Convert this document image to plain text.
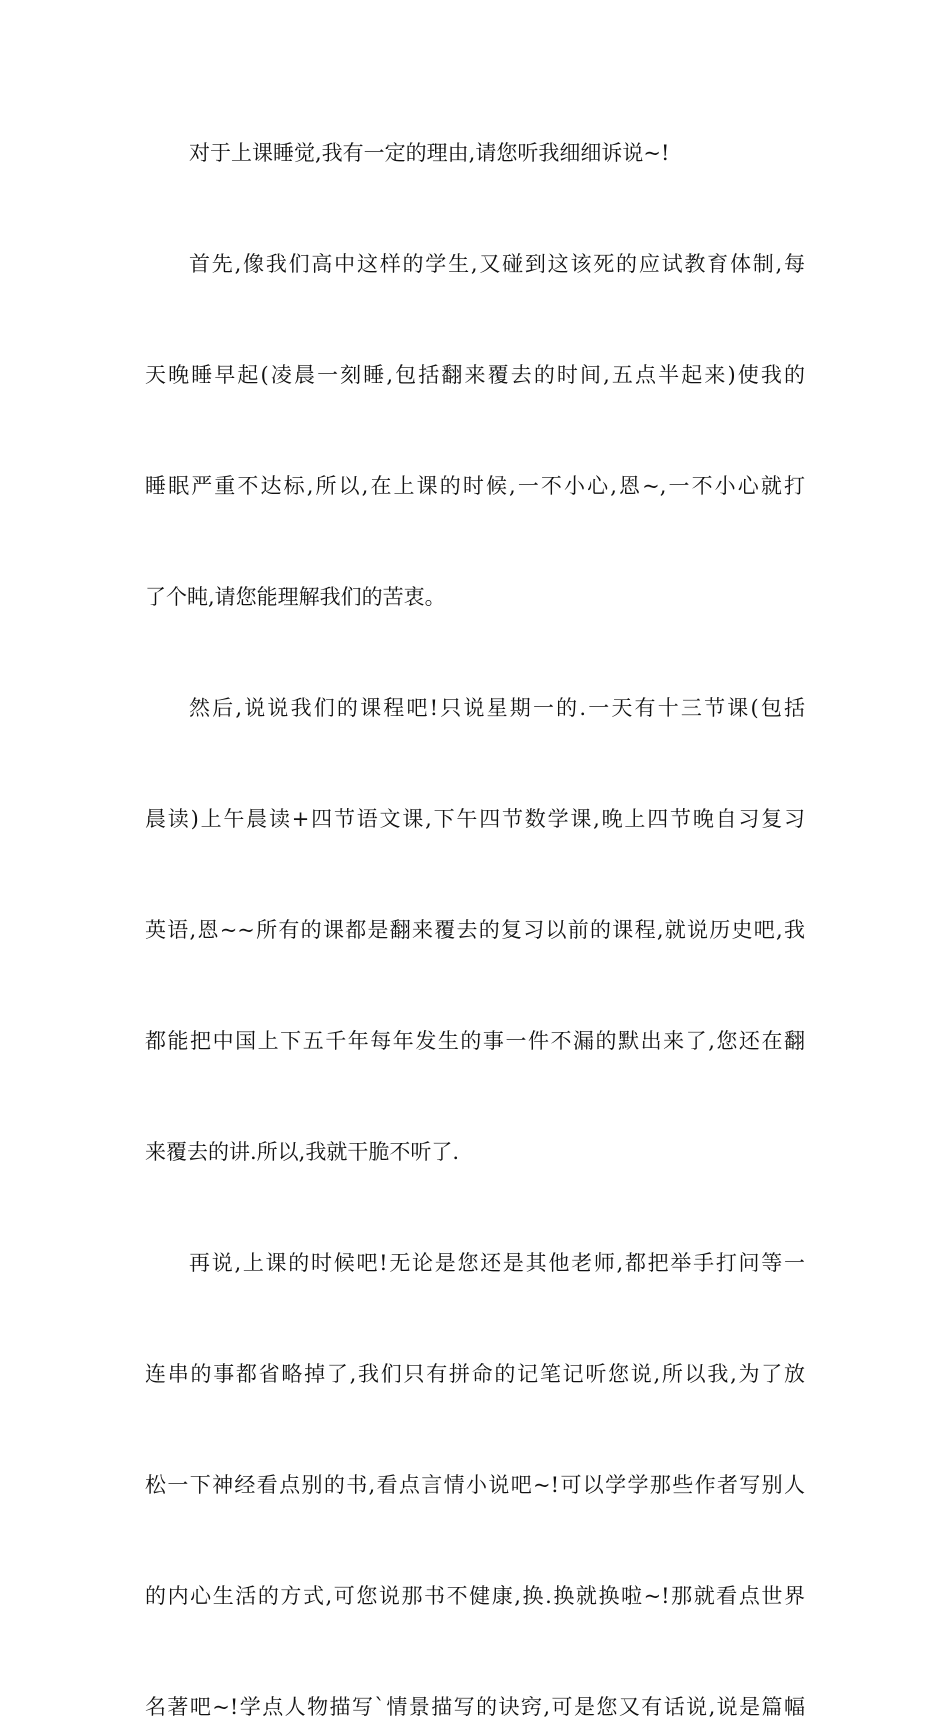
对于上课睡觉,我有一定的理由,请您听我细细诉说~!
首先,像我们高中这样的学生,又碰到这该死的应试教育体制,每
天晚睡早起(凌晨一刻睡,包括翻来覆去的时间,五点半起来)使我的
睡眠严重不达标,所以,在上课的时候,一不小心,恩~,一不小心就打
了个盹,请您能理解我们的苦衷。
然后,说说我们的课程吧!只说星期一的.一天有十三节课(包括
晨读)上午晨读+四节语文课,下午四节数学课,晚上四节晚自习复习
英语,恩~~所有的课都是翻来覆去的复习以前的课程,就说历史吧,我
都能把中国上下五千年每年发生的事一件不漏的默出来了,您还在翻
来覆去的讲.所以,我就干脆不听了.
再说,上课的时候吧!无论是您还是其他老师,都把举手打问等一
连串的事都省略掉了,我们只有拼命的记笔记听您说,所以我,为了放
松一下神经看点别的书,看点言情小说吧~!可以学学那些作者写别人
的内心生活的方式,可您说那书不健康,换.换就换啦~!那就看点世界
名著吧~!学点人物描写`情景描写的诀窍,可是您又有话说,说是篇幅
